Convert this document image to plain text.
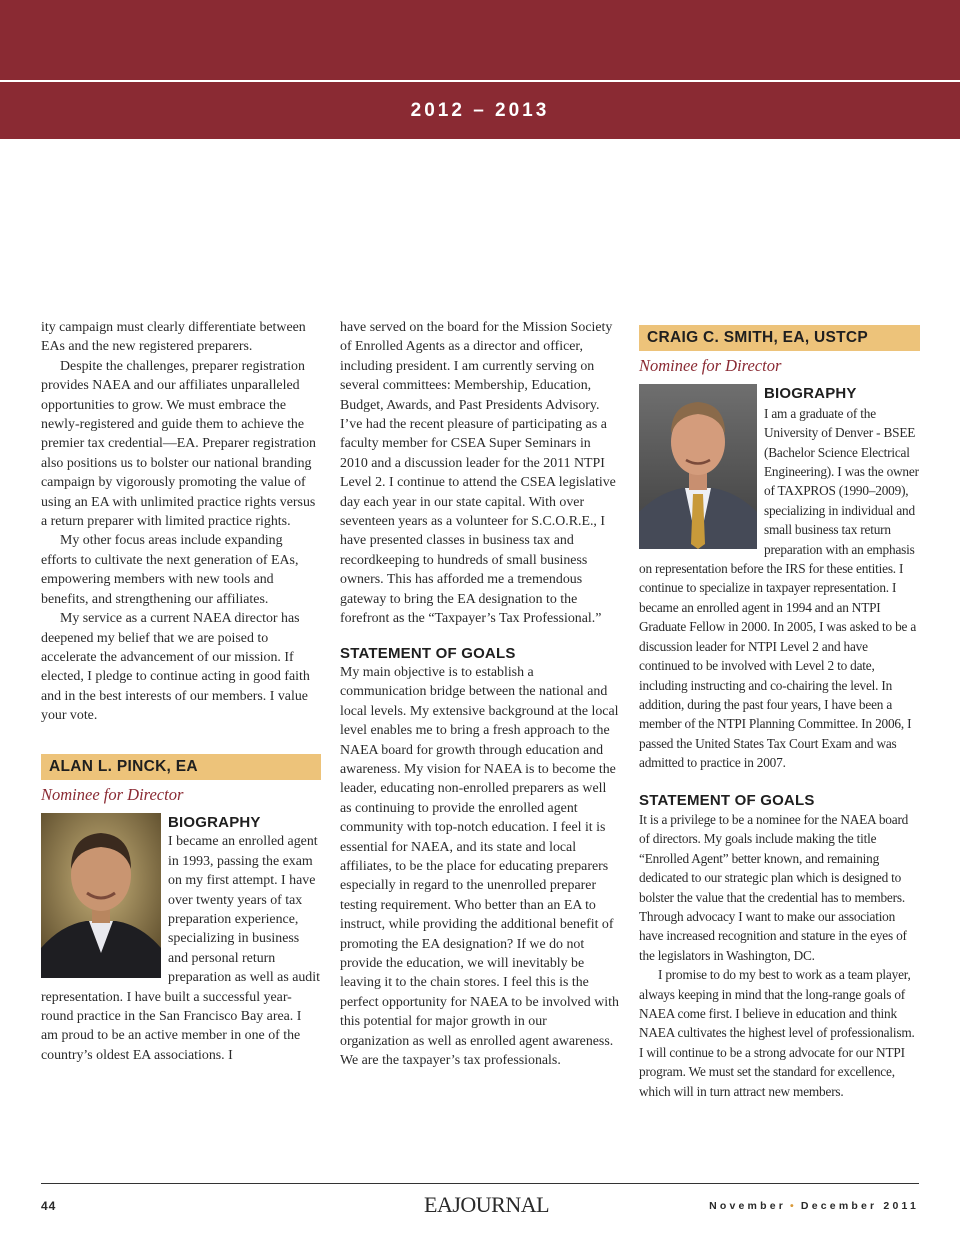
2012 – 2013

ity campaign must clearly differentiate between EAs and the new registered preparers.

Despite the challenges, preparer registration provides NAEA and our affiliates unparalleled opportunities to grow. We must embrace the newly-registered and guide them to achieve the premier tax credential—EA. Preparer registration also positions us to bolster our national branding campaign by vigorously promoting the value of using an EA with unlimited practice rights versus a return preparer with limited practice rights.

My other focus areas include expanding efforts to cultivate the next generation of EAs, empowering members with new tools and benefits, and strengthening our affiliates.

My service as a current NAEA director has deepened my belief that we are poised to accelerate the advancement of our mission. If elected, I pledge to continue acting in good faith and in the best interests of our members. I value your vote.

ALAN L. PINCK, EA
Nominee for Director
BIOGRAPHY

I became an enrolled agent in 1993, passing the exam on my first attempt. I have over twenty years of tax preparation experience, specializing in business and personal return preparation as well as audit representation. I have built a successful year-round practice in the San Francisco Bay area. I am proud to be an active member in one of the country’s oldest EA associations. I

have served on the board for the Mission Society of Enrolled Agents as a director and officer, including president. I am currently serving on several committees: Membership, Education, Budget, Awards, and Past Presidents Advisory. I’ve had the recent pleasure of participating as a faculty member for CSEA Super Seminars in 2010 and a discussion leader for the 2011 NTPI Level 2. I continue to attend the CSEA legislative day each year in our state capital. With over seventeen years as a volunteer for S.C.O.R.E., I have presented classes in business tax and recordkeeping to hundreds of small business owners. This has afforded me a tremendous gateway to bring the EA designation to the forefront as the “Taxpayer’s Tax Professional.”

STATEMENT OF GOALS

My main objective is to establish a communication bridge between the national and local levels. My extensive background at the local level enables me to bring a fresh approach to the NAEA board for growth through education and awareness. My vision for NAEA is to become the leader, educating non-enrolled preparers as well as continuing to provide the enrolled agent community with top-notch education. I feel it is essential for NAEA, and its state and local affiliates, to be the place for educating preparers especially in regard to the unenrolled preparer testing requirement. Who better than an EA to instruct, while providing the additional benefit of promoting the EA designation? If we do not provide the education, we will inevitably be leaving it to the chain stores. I feel this is the perfect opportunity for NAEA to be involved with this potential for major growth in our organization as well as enrolled agent awareness. We are the taxpayer’s tax professionals.

CRAIG C. SMITH, EA, USTCP
Nominee for Director
BIOGRAPHY

I am a graduate of the University of Denver - BSEE (Bachelor Science Electrical Engineering). I was the owner of TAXPROS (1990–2009), specializing in individual and small business tax return preparation with an emphasis on representation before the IRS for these entities. I continue to specialize in taxpayer representation. I became an enrolled agent in 1994 and an NTPI Graduate Fellow in 2000. In 2005, I was asked to be a discussion leader for NTPI Level 2 and have continued to be involved with Level 2 to date, including instructing and co-chairing the level. In addition, during the past four years, I have been a member of the NTPI Planning Committee. In 2006, I passed the United States Tax Court Exam and was admitted to practice in 2007.

STATEMENT OF GOALS

It is a privilege to be a nominee for the NAEA board of directors. My goals include making the title “Enrolled Agent” better known, and remaining dedicated to our strategic plan which is designed to bolster the value that the credential has to members. Through advocacy I want to make our association have increased recognition and stature in the eyes of the legislators in Washington, DC.

I promise to do my best to work as a team player, always keeping in mind that the long-range goals of NAEA come first. I believe in education and think NAEA cultivates the highest level of professionalism. I will continue to be a strong advocate for our NTPI program. We must set the standard for excellence, which will in turn attract new members.

44	EAJOURNAL	November • December 2011
